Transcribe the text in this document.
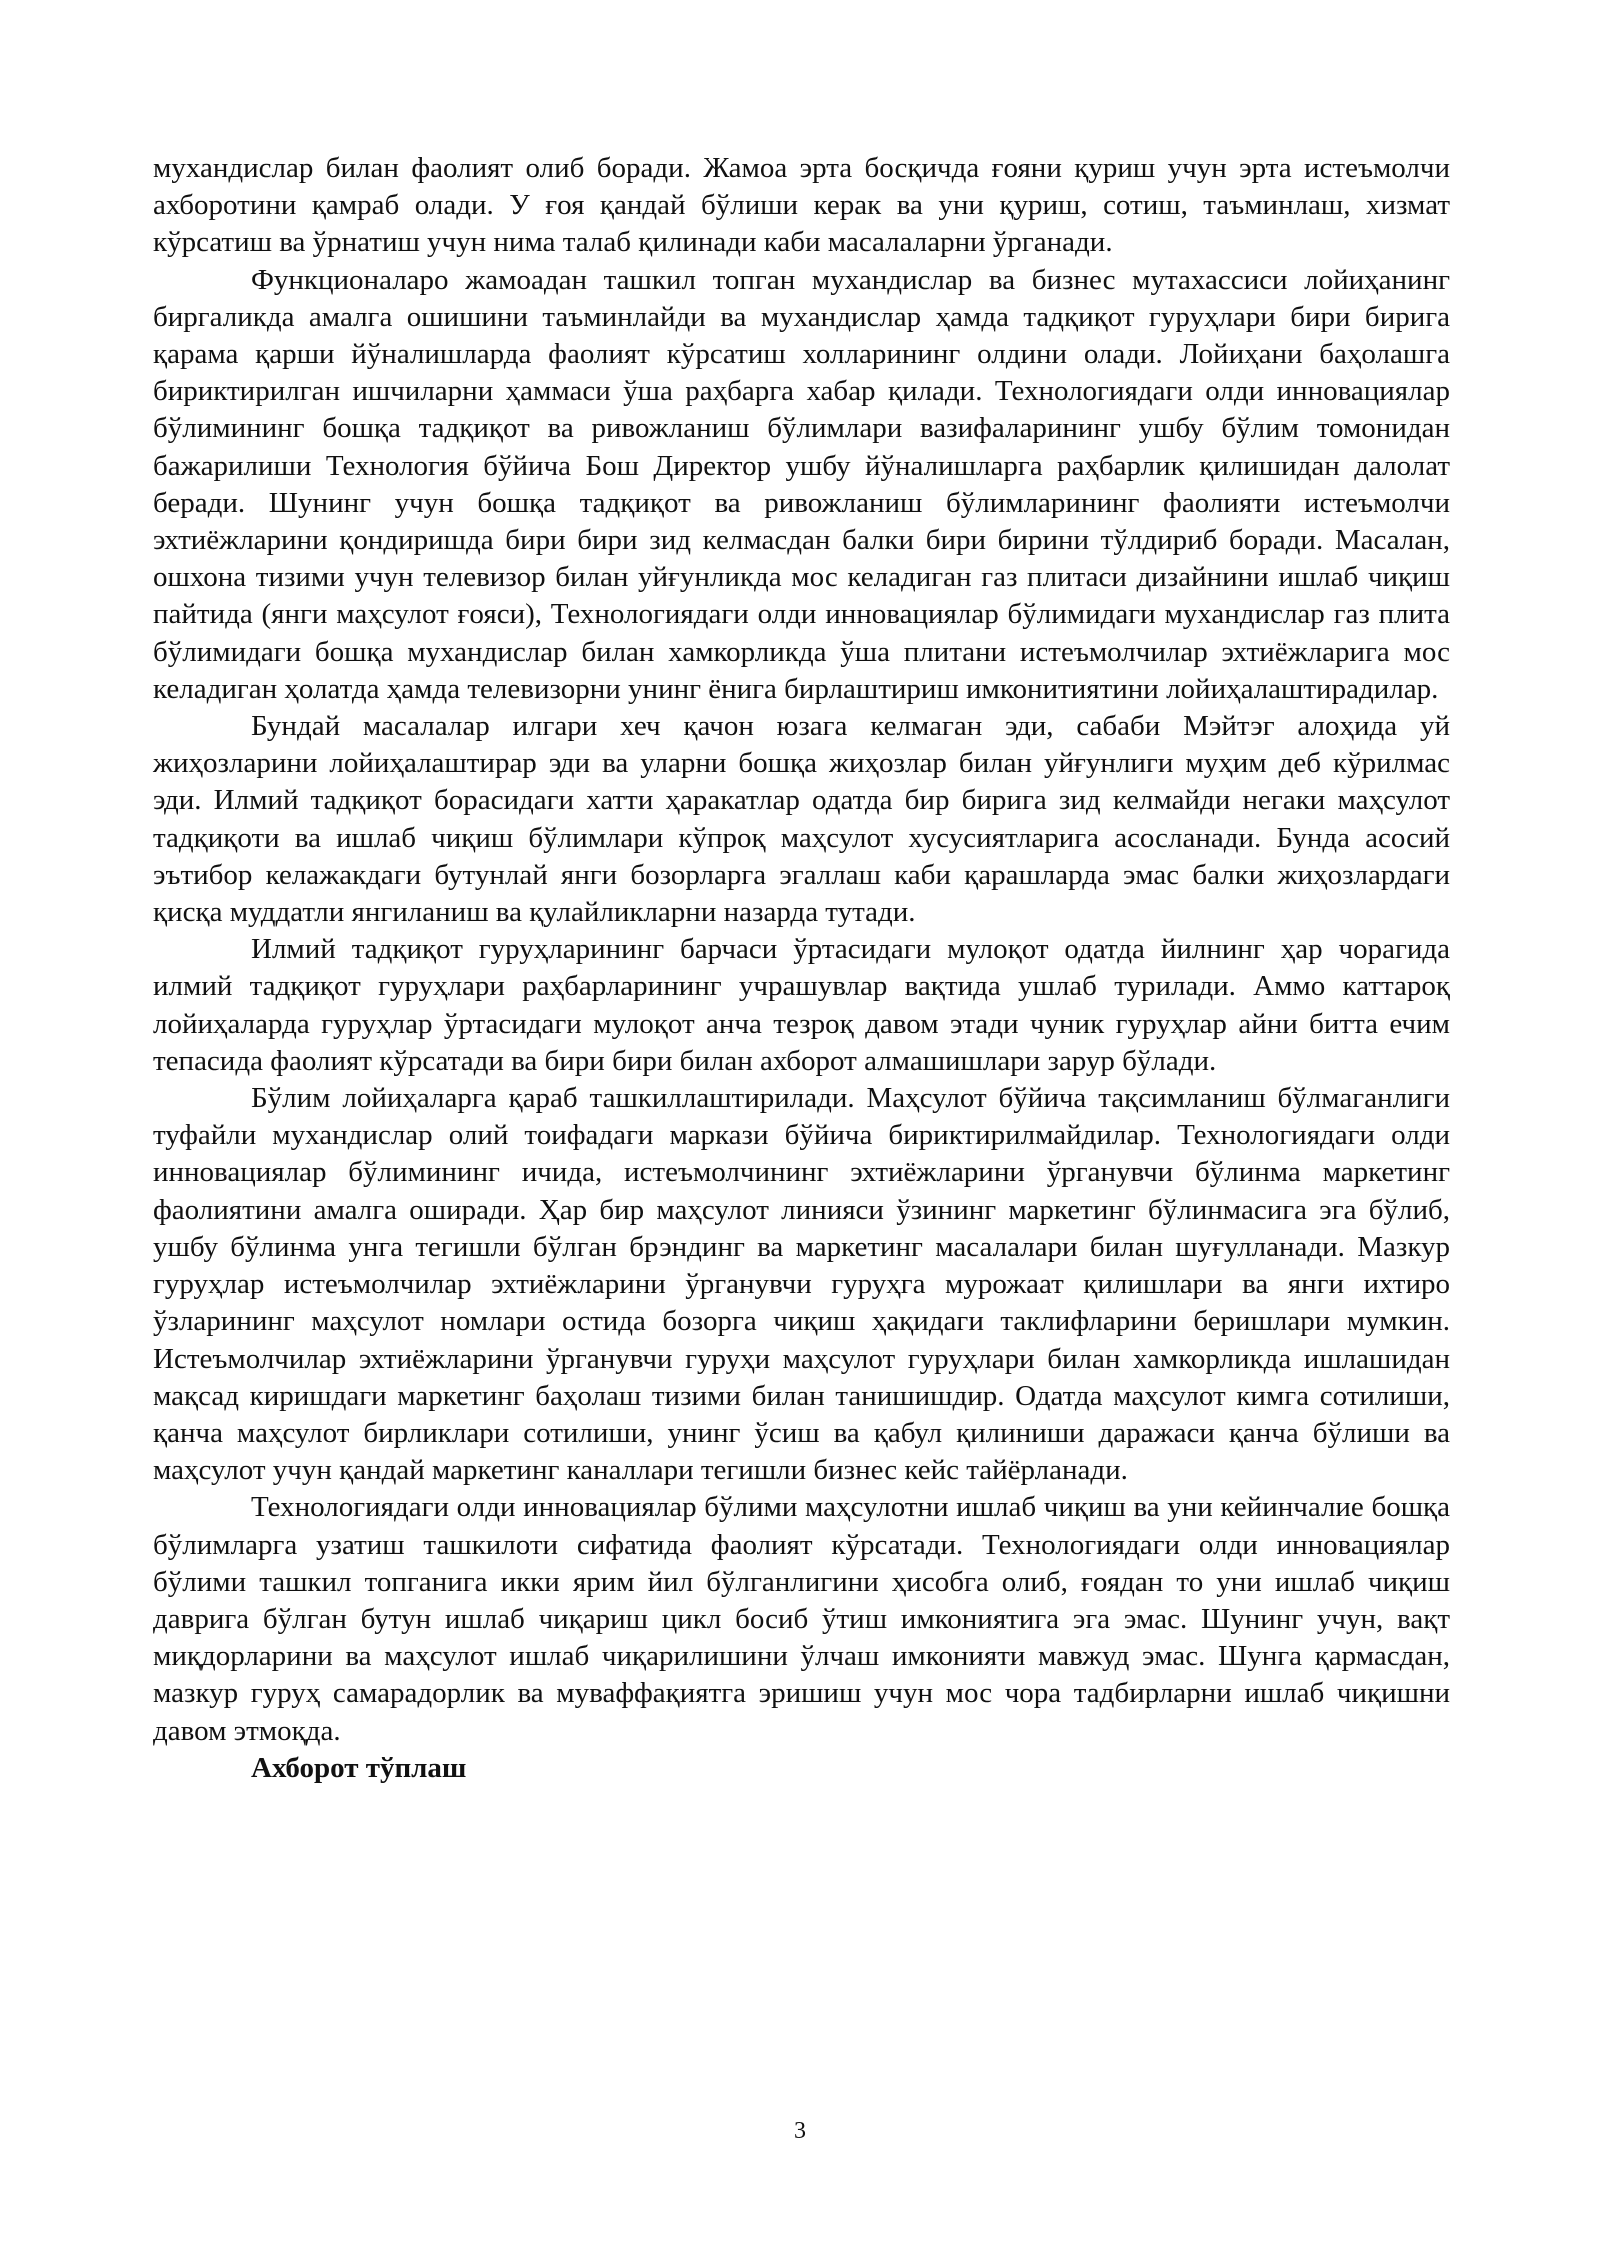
мухандислар билан фаолият олиб боради. Жамоа эрта босқичда ғояни қуриш учун эрта истеъмолчи ахборотини қамраб олади. У ғоя қандай бўлиши керак ва уни қуриш, сотиш, таъминлаш, хизмат кўрсатиш ва ўрнатиш учун нима талаб қилинади каби масалаларни ўрганади.

Функционаларо жамоадан ташкил топган мухандислар ва бизнес мутахассиси лойиҳанинг биргаликда амалга ошишини таъминлайди ва мухандислар ҳамда тадқиқот гуруҳлари бири бирига қарама қарши йўналишларда фаолият кўрсатиш холларининг олдини олади. Лойиҳани баҳолашга бириктирилган ишчиларни ҳаммаси ўша раҳбарга хабар қилади. Технологиядаги олди инновациялар бўлимининг бошқа тадқиқот ва ривожланиш бўлимлари вазифаларининг ушбу бўлим томонидан бажарилиши Технология бўйича Бош Директор ушбу йўналишларга раҳбарлик қилишидан далолат беради. Шунинг учун бошқа тадқиқот ва ривожланиш бўлимларининг фаолияти истеъмолчи эхтиёжларини қондиришда бири бири зид келмасдан балки бири бирини тўлдириб боради. Масалан, ошхона тизими учун телевизор билан уйғунликда мос келадиган газ плитаси дизайнини ишлаб чиқиш пайтида (янги маҳсулот ғояси), Технологиядаги олди инновациялар бўлимидаги мухандислар газ плита бўлимидаги бошқа мухандислар билан хамкорликда ўша плитани истеъмолчилар эхтиёжларига мос келадиган ҳолатда ҳамда телевизорни унинг ёнига бирлаштириш имконитиятини лойиҳалаштирадилар.

Бундай масалалар илгари хеч қачон юзага келмаган эди, сабаби Мэйтэг алоҳида уй жиҳозларини лойиҳалаштирар эди ва уларни бошқа жиҳозлар билан уйғунлиги муҳим деб кўрилмас эди. Илмий тадқиқот борасидаги хатти ҳаракатлар одатда бир бирига зид келмайди негаки маҳсулот тадқиқоти ва ишлаб чиқиш бўлимлари кўпроқ маҳсулот хусусиятларига асосланади. Бунда асосий эътибор келажакдаги бутунлай янги бозорларга эгаллаш каби қарашларда эмас балки жиҳозлардаги қисқа муддатли янгиланиш ва қулайликларни назарда тутади.

Илмий тадқиқот гуруҳларининг барчаси ўртасидаги мулоқот одатда йилнинг ҳар чорагида илмий тадқиқот гуруҳлари раҳбарларининг учрашувлар вақтида ушлаб турилади. Аммо каттароқ лойиҳаларда гуруҳлар ўртасидаги мулоқот анча тезроқ давом этади чуник гуруҳлар айни битта ечим тепасида фаолият кўрсатади ва бири бири билан ахборот алмашишлари зарур бўлади.

Бўлим лойиҳаларга қараб ташкиллаштирилади. Маҳсулот бўйича тақсимланиш бўлмаганлиги туфайли мухандислар олий тоифадаги маркази бўйича бириктирилмайдилар. Технологиядаги олди инновациялар бўлимининг ичида, истеъмолчининг эхтиёжларини ўрганувчи бўлинма маркетинг фаолиятини амалга оширади. Ҳар бир маҳсулот линияси ўзининг маркетинг бўлинмасига эга бўлиб, ушбу бўлинма унга тегишли бўлган брэндинг ва маркетинг масалалари билан шуғулланади. Мазкур гуруҳлар истеъмолчилар эхтиёжларини ўрганувчи гуруҳга мурожаат қилишлари ва янги ихтиро ўзларининг маҳсулот номлари остида бозорга чиқиш ҳақидаги таклифларини беришлари мумкин. Истеъмолчилар эхтиёжларини ўрганувчи гуруҳи маҳсулот гуруҳлари билан хамкорликда ишлашидан мақсад киришдаги маркетинг баҳолаш тизими билан танишишдир. Одатда маҳсулот кимга сотилиши, қанча маҳсулот бирликлари сотилиши, унинг ўсиш ва қабул қилиниши даражаси қанча бўлиши ва маҳсулот учун қандай маркетинг каналлари тегишли бизнес кейс тайёрланади.

Технологиядаги олди инновациялар бўлими маҳсулотни ишлаб чиқиш ва уни кейинчалие бошқа бўлимларга узатиш ташкилоти сифатида фаолият кўрсатади. Технологиядаги олди инновациялар бўлими ташкил топганига икки ярим йил бўлганлигини ҳисобга олиб, ғоядан то уни ишлаб чиқиш даврига бўлган бутун ишлаб чиқариш цикл босиб ўтиш имкониятига эга эмас. Шунинг учун, вақт миқдорларини ва маҳсулот ишлаб чиқарилишини ўлчаш имконияти мавжуд эмас. Шунга қармасдан, мазкур гуруҳ самарадорлик ва муваффақиятга эришиш учун мос чора тадбирларни ишлаб чиқишни давом этмоқда.

Ахборот тўплаш

3
